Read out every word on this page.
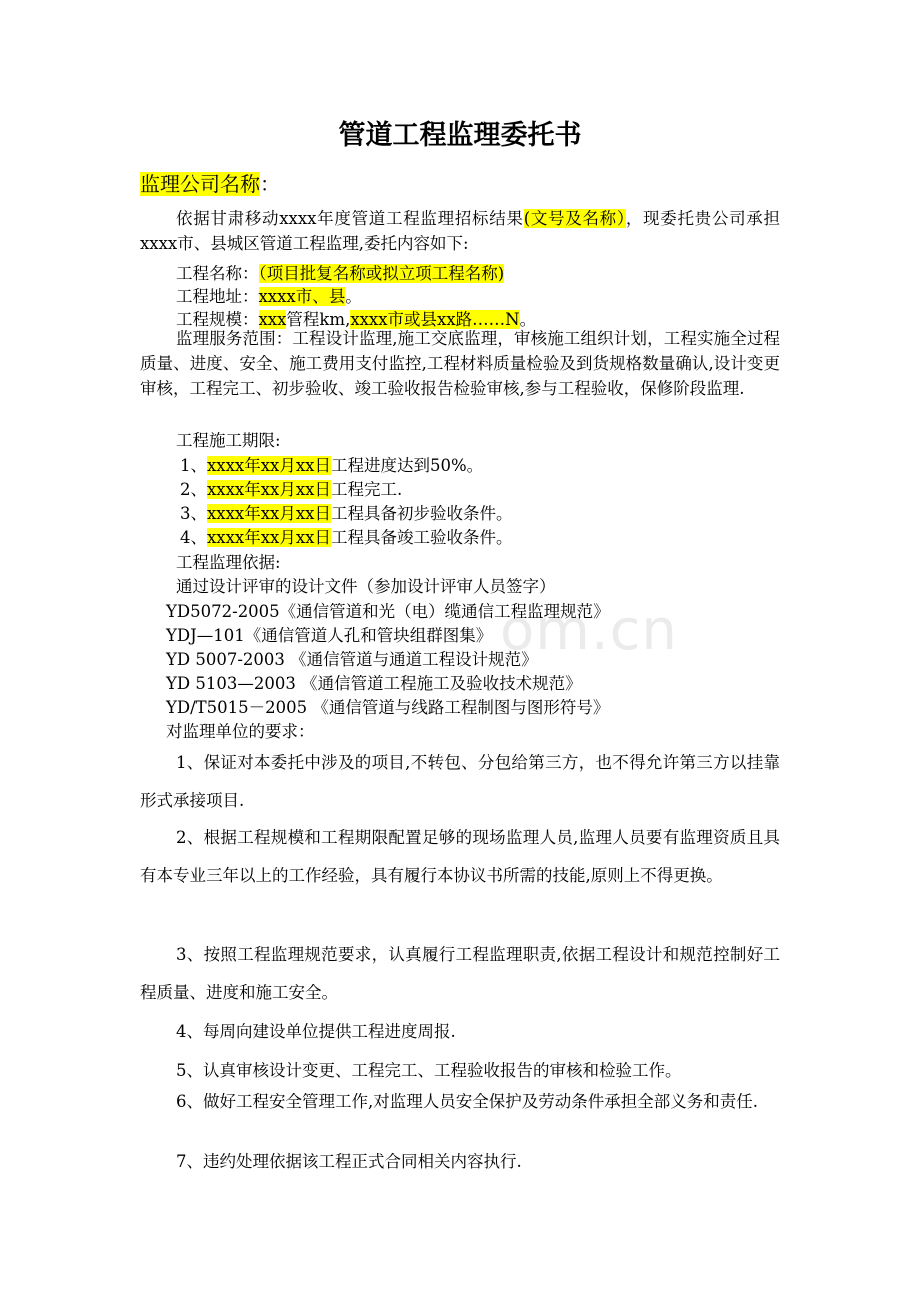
om.cn
管道工程监理委托书
监理公司名称：
依据甘肃移动xxxx年度管道工程监理招标结果(文号及名称），现委托贵公司承担xxxx市、县城区管道工程监理,委托内容如下:
工程名称：（项目批复名称或拟立项工程名称)
工程地址：xxxx市、县。
工程规模：xxx管程km,xxxx市或县xx路……N。
监理服务范围：工程设计监理,施工交底监理，审核施工组织计划，工程实施全过程质量、进度、安全、施工费用支付监控,工程材料质量检验及到货规格数量确认,设计变更审核，工程完工、初步验收、竣工验收报告检验审核,参与工程验收，保修阶段监理.
工程施工期限:
1、xxxx年xx月xx日工程进度达到50%。
2、xxxx年xx月xx日工程完工.
3、xxxx年xx月xx日工程具备初步验收条件。
4、xxxx年xx月xx日工程具备竣工验收条件。
工程监理依据:
通过设计评审的设计文件（参加设计评审人员签字）
YD5072-2005《通信管道和光（电）缆通信工程监理规范》
YDJ—101《通信管道人孔和管块组群图集》
YD 5007-2003 《通信管道与通道工程设计规范》
YD 5103—2003 《通信管道工程施工及验收技术规范》
YD/T5015－2005 《通信管道与线路工程制图与图形符号》
对监理单位的要求：
1、保证对本委托中涉及的项目,不转包、分包给第三方，也不得允许第三方以挂靠形式承接项目.
2、根据工程规模和工程期限配置足够的现场监理人员,监理人员要有监理资质且具有本专业三年以上的工作经验，具有履行本协议书所需的技能,原则上不得更换。
3、按照工程监理规范要求，认真履行工程监理职责,依据工程设计和规范控制好工程质量、进度和施工安全。
4、每周向建设单位提供工程进度周报.
5、认真审核设计变更、工程完工、工程验收报告的审核和检验工作。
6、做好工程安全管理工作,对监理人员安全保护及劳动条件承担全部义务和责任.
7、违约处理依据该工程正式合同相关内容执行.
